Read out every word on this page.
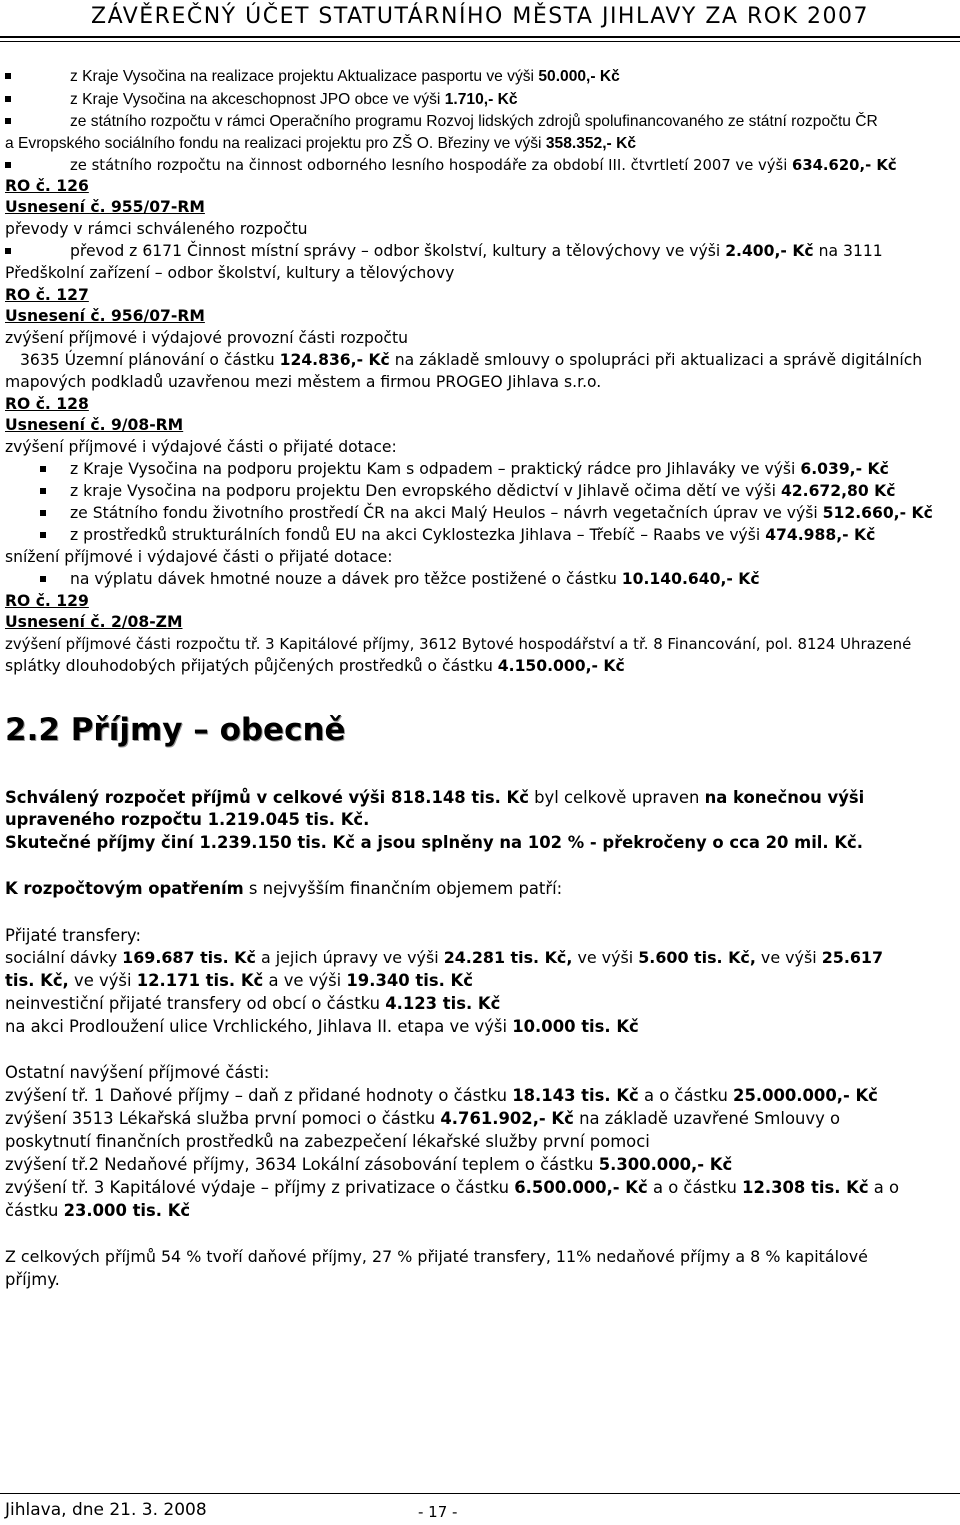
ZÁVĚREČNÝ ÚČET STATUTÁRNÍHO MĚSTA JIHLAVY ZA ROK 2007
z Kraje Vysočina na realizace projektu Aktualizace pasportu ve výši 50.000,- Kč
z Kraje Vysočina na akceschopnost JPO obce ve výši 1.710,- Kč
ze státního rozpočtu v rámci Operačního programu Rozvoj lidských zdrojů spolufinancovaného ze státní rozpočtu ČR
a Evropského sociálního fondu na realizaci projektu pro ZŠ O. Březiny ve výši 358.352,- Kč
ze státního rozpočtu na činnost odborného lesního hospodáře za období III. čtvrtletí 2007 ve výši 634.620,- Kč
RO č. 126
Usnesení č. 955/07-RM
převody v rámci schváleného rozpočtu
převod z 6171 Činnost místní správy – odbor školství, kultury a tělovýchovy ve výši 2.400,- Kč na 3111
Předškolní zařízení – odbor školství, kultury a tělovýchovy
RO č. 127
Usnesení č. 956/07-RM
zvýšení příjmové i výdajové provozní části rozpočtu
3635 Územní plánování o částku 124.836,- Kč na základě smlouvy o spolupráci při aktualizaci a správě digitálních
mapových podkladů uzavřenou mezi městem a firmou PROGEO Jihlava s.r.o.
RO č. 128
Usnesení č. 9/08-RM
zvýšení příjmové i výdajové části o přijaté dotace:
z Kraje Vysočina na podporu projektu Kam s odpadem – praktický rádce pro Jihlaváky ve výši 6.039,- Kč
z kraje Vysočina na podporu projektu Den evropského dědictví v Jihlavě očima dětí ve výši 42.672,80 Kč
ze Státního fondu životního prostředí ČR na akci Malý Heulos – návrh vegetačních úprav ve výši 512.660,- Kč
z prostředků strukturálních fondů EU na akci Cyklostezka Jihlava – Třebíč – Raabs ve výši 474.988,- Kč
snížení příjmové i výdajové části o přijaté dotace:
na výplatu dávek hmotné nouze a dávek pro těžce postižené o částku 10.140.640,- Kč
RO č. 129
Usnesení č. 2/08-ZM
zvýšení příjmové části rozpočtu tř. 3 Kapitálové příjmy, 3612 Bytové hospodářství a tř. 8 Financování, pol. 8124 Uhrazené
splátky dlouhodobých přijatých půjčených prostředků o částku 4.150.000,- Kč
2.2 Příjmy – obecně
Schválený rozpočet příjmů v celkové výši 818.148 tis. Kč byl celkově upraven na konečnou výši
upraveného rozpočtu 1.219.045 tis. Kč.
Skutečné příjmy činí 1.239.150 tis. Kč a jsou splněny na 102 % - překročeny o cca 20 mil. Kč.
K rozpočtovým opatřením s nejvyšším finančním objemem patří:
Přijaté transfery:
sociální dávky 169.687 tis. Kč a jejich úpravy ve výši 24.281 tis. Kč, ve výši 5.600 tis. Kč, ve výši 25.617
tis. Kč, ve výši 12.171 tis. Kč a ve výši 19.340 tis. Kč
neinvestiční přijaté transfery od obcí o částku 4.123 tis. Kč
na akci Prodloužení ulice Vrchlického, Jihlava II. etapa ve výši 10.000 tis. Kč
Ostatní navýšení příjmové části:
zvýšení tř. 1 Daňové příjmy – daň z přidané hodnoty o částku 18.143 tis. Kč a o částku 25.000.000,- Kč
zvýšení 3513 Lékařská služba první pomoci o částku 4.761.902,- Kč na základě uzavřené Smlouvy o
poskytnutí finančních prostředků na zabezpečení lékařské služby první pomoci
zvýšení tř.2 Nedaňové příjmy, 3634 Lokální zásobování teplem o částku 5.300.000,- Kč
zvýšení tř. 3 Kapitálové výdaje – příjmy z privatizace o částku 6.500.000,- Kč a o částku 12.308 tis. Kč a o
částku 23.000 tis. Kč
Z celkových příjmů 54 % tvoří daňové příjmy, 27 % přijaté transfery, 11% nedaňové příjmy a 8 % kapitálové
příjmy.
Jihlava, dne 21. 3. 2008	- 17 -
